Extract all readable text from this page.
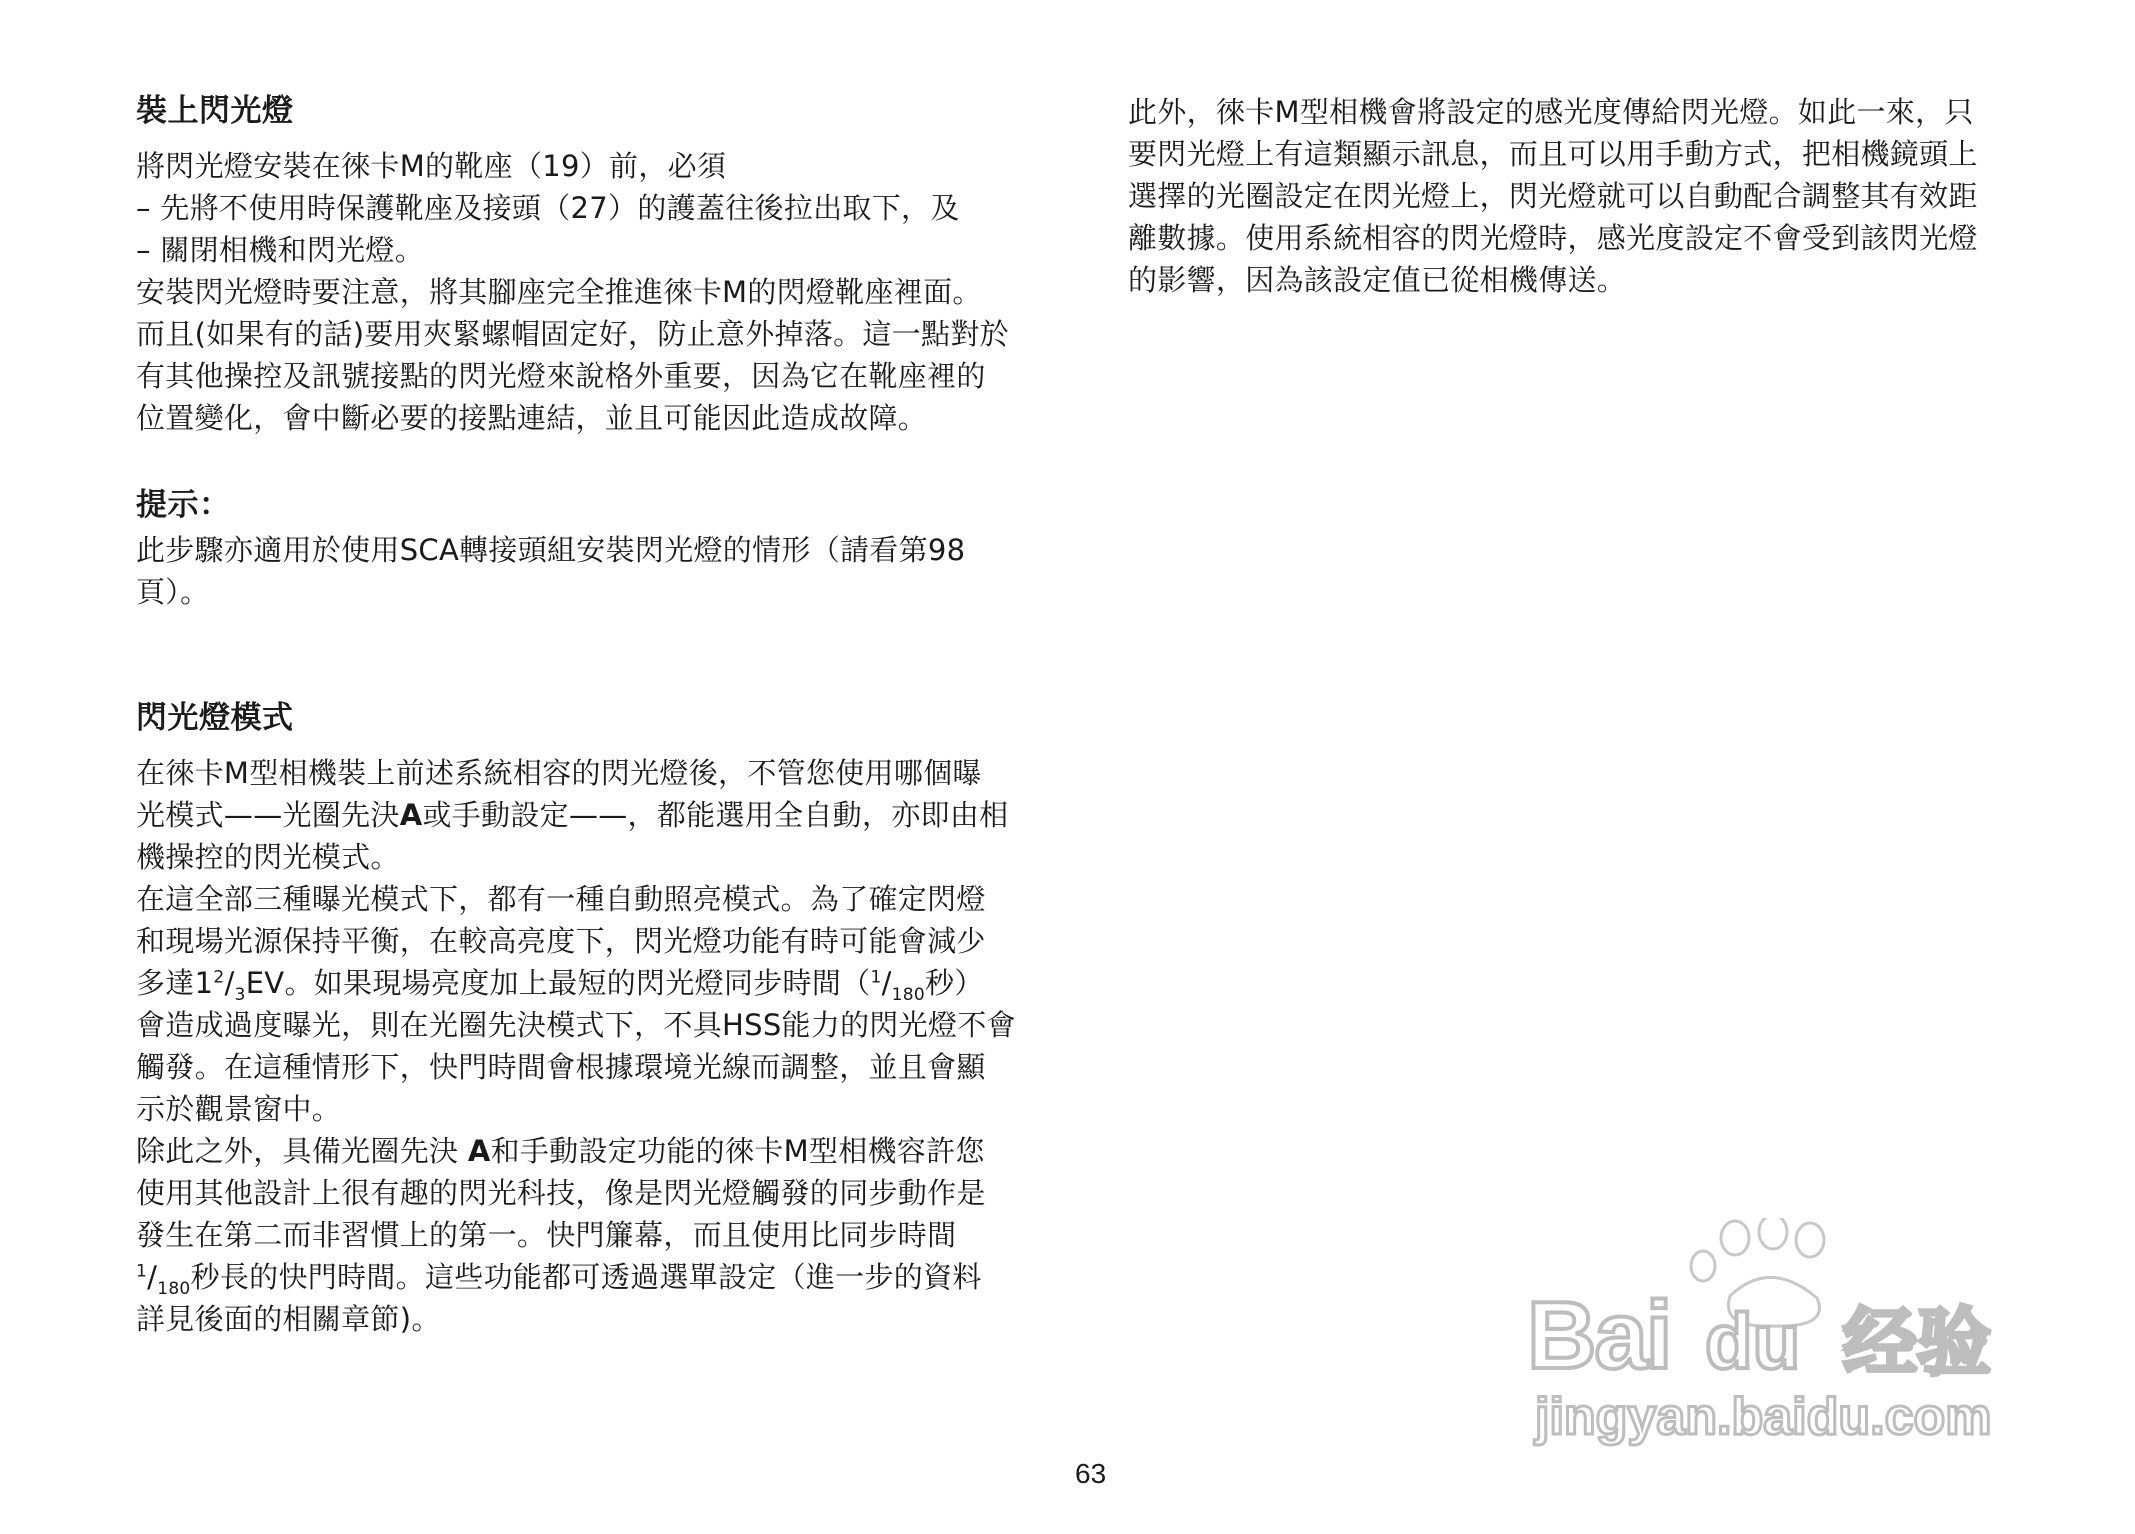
裝上閃光燈
將閃光燈安裝在徠卡M的靴座（19）前，必須
– 先將不使用時保護靴座及接頭（27）的護蓋往後拉出取下，及
– 關閉相機和閃光燈。
安裝閃光燈時要注意，將其腳座完全推進徠卡M的閃燈靴座裡面。
而且(如果有的話)要用夾緊螺帽固定好，防止意外掉落。這一點對於
有其他操控及訊號接點的閃光燈來說格外重要，因為它在靴座裡的
位置變化，會中斷必要的接點連結，並且可能因此造成故障。
提示：
此步驟亦適用於使用SCA轉接頭組安裝閃光燈的情形（請看第98
頁）。
閃光燈模式
在徠卡M型相機裝上前述系統相容的閃光燈後，不管您使用哪個曝
光模式——光圈先決A或手動設定——，都能選用全自動，亦即由相
機操控的閃光模式。
在這全部三種曝光模式下，都有一種自動照亮模式。為了確定閃燈
和現場光源保持平衡，在較高亮度下，閃光燈功能有時可能會減少
多達$1^2/_3EV$。如果現場亮度加上最短的閃光燈同步時間（$^1/_{180}$秒）
會造成過度曝光，則在光圈先決模式下，不具HSS能力的閃光燈不會
觸發。在這種情形下，快門時間會根據環境光線而調整，並且會顯
示於觀景窗中。
除此之外，具備光圈先決 A和手動設定功能的徠卡M型相機容許您
使用其他設計上很有趣的閃光科技，像是閃光燈觸發的同步動作是
發生在第二而非習慣上的第一。快門簾幕，而且使用比同步時間
$^1/_{180}$秒長的快門時間。這些功能都可透過選單設定（進一步的資料
詳見後面的相關章節)。
此外，徠卡M型相機會將設定的感光度傳給閃光燈。如此一來，只
要閃光燈上有這類顯示訊息，而且可以用手動方式，把相機鏡頭上
選擇的光圈設定在閃光燈上，閃光燈就可以自動配合調整其有效距
離數據。使用系統相容的閃光燈時，感光度設定不會受到該閃光燈
的影響，因為該設定值已從相機傳送。
63
Bai du 经验
jingyan.baidu.com
